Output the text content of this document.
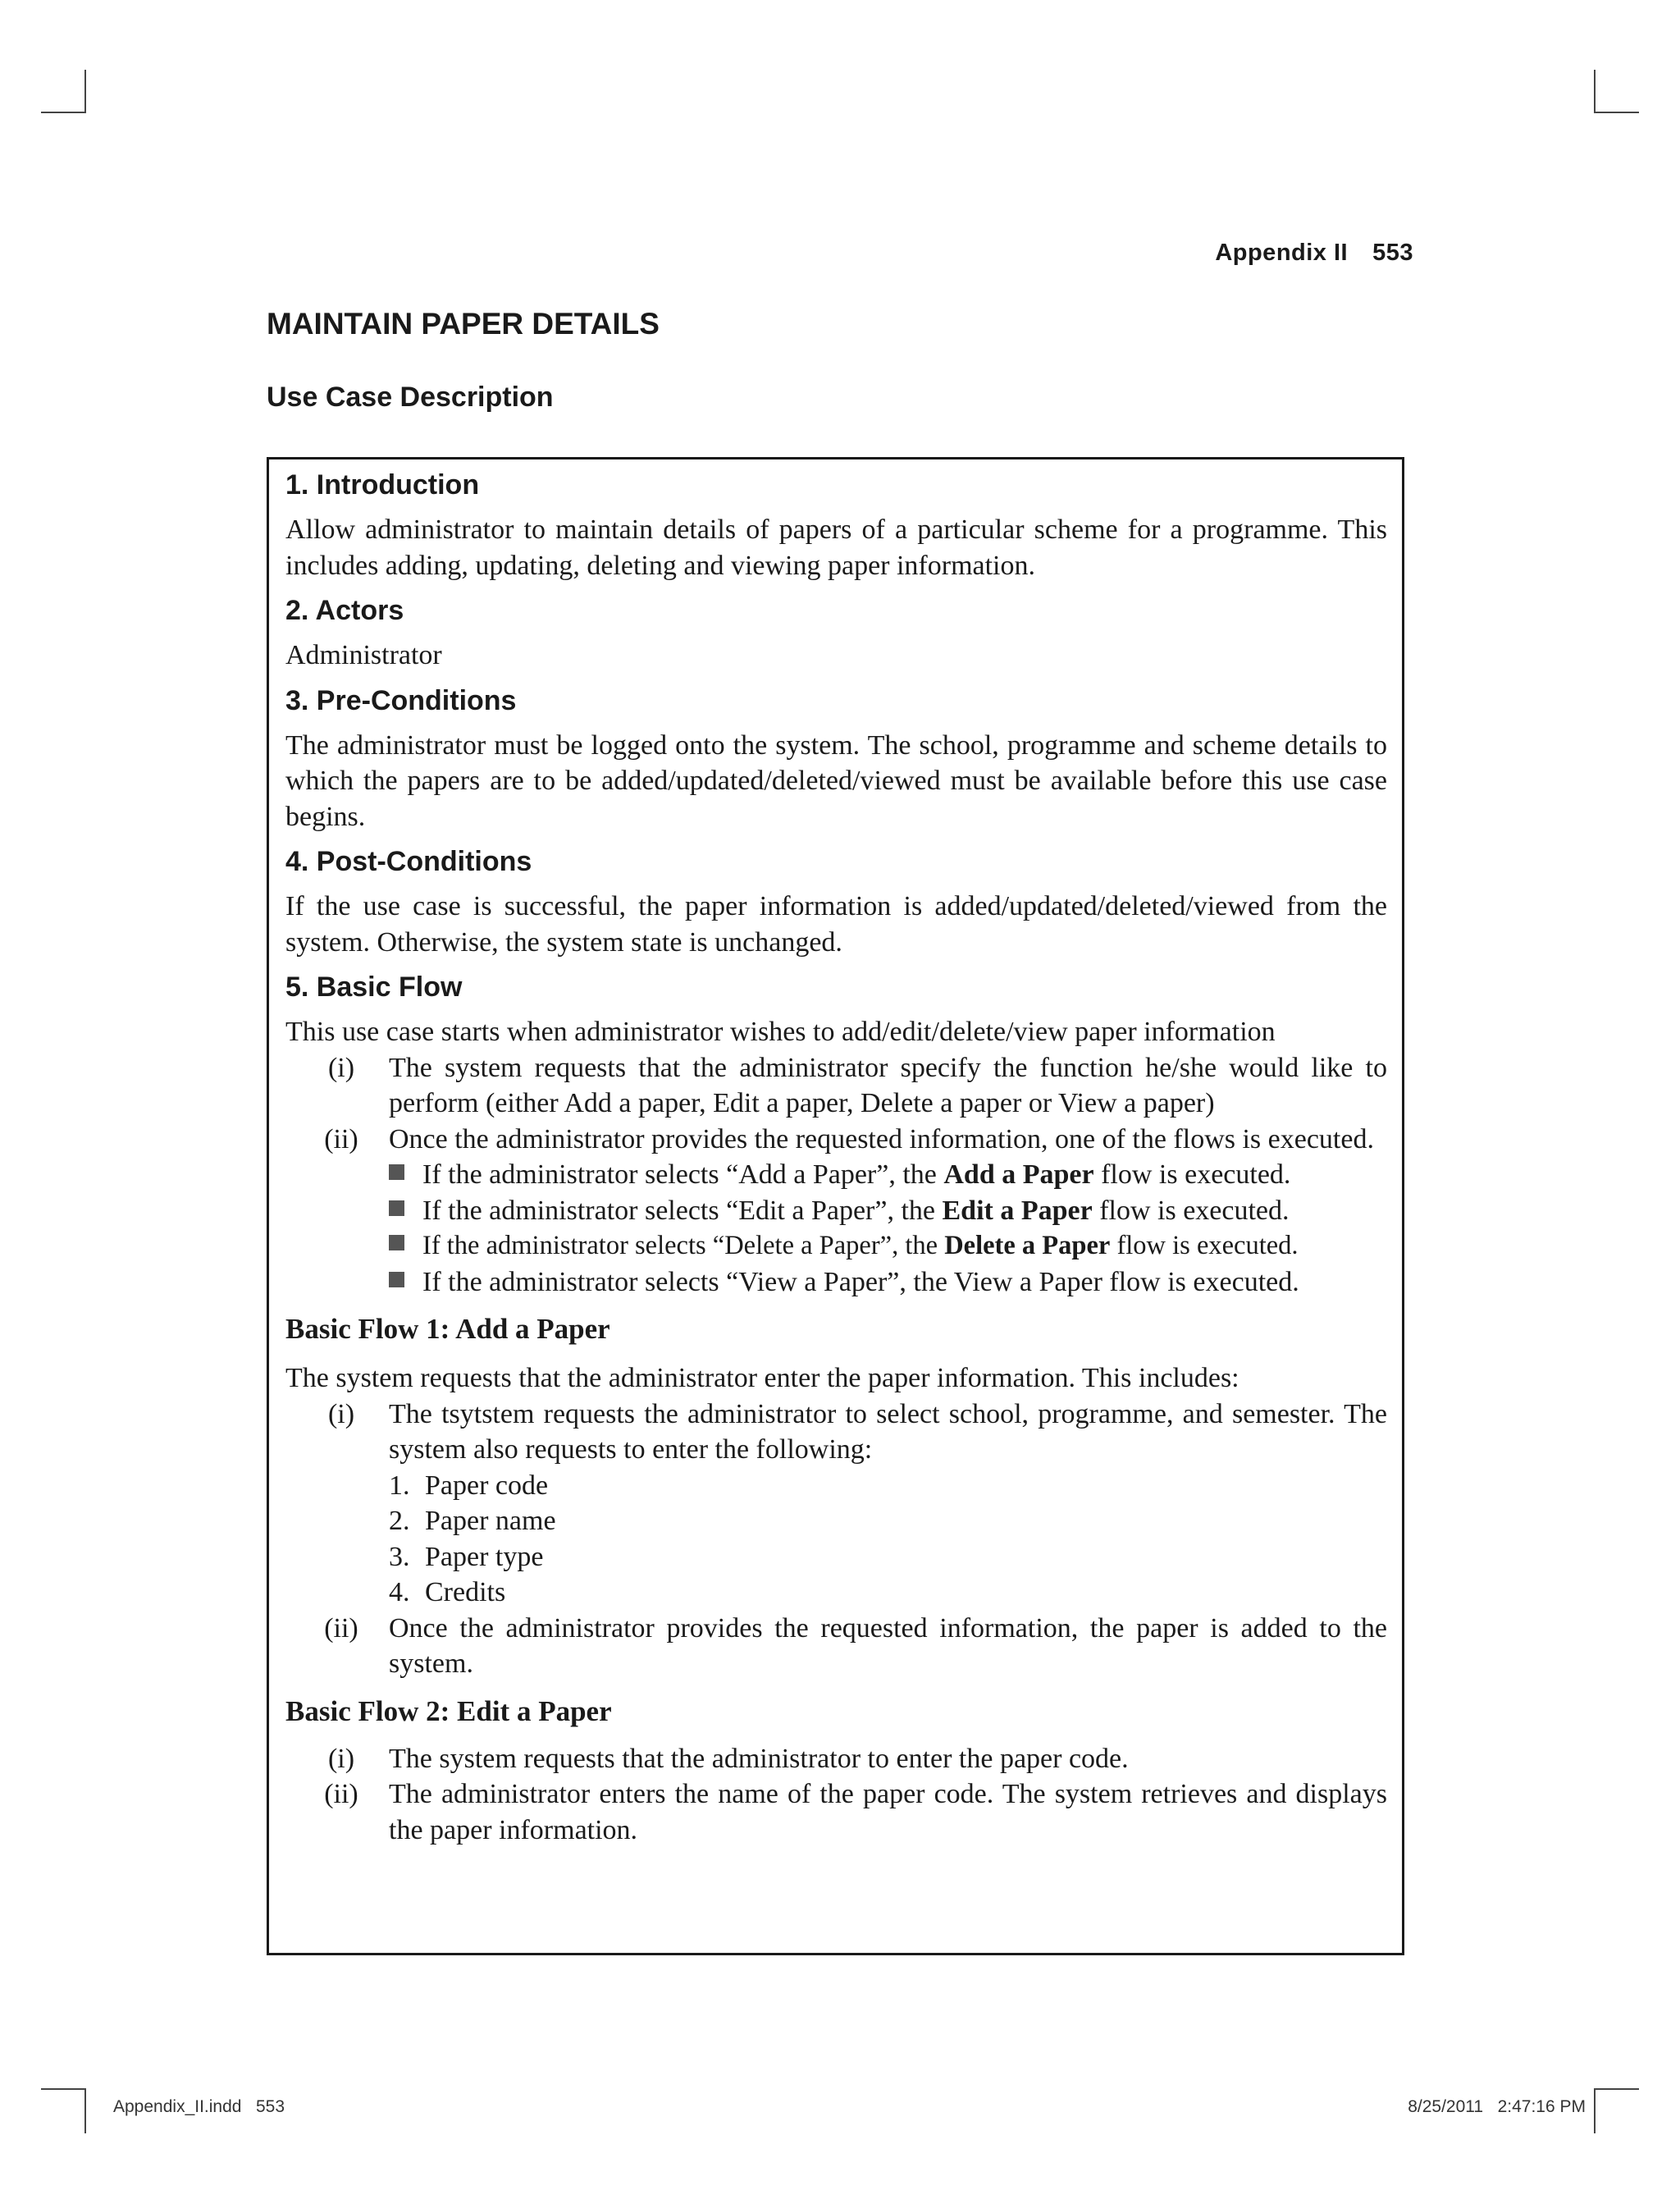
Appendix II 553
MAINTAIN PAPER DETAILS
Use Case Description
1. Introduction

Allow administrator to maintain details of papers of a particular scheme for a programme. This includes adding, updating, deleting and viewing paper information.

2. Actors

Administrator

3. Pre-Conditions

The administrator must be logged onto the system. The school, programme and scheme details to which the papers are to be added/updated/deleted/viewed must be available before this use case begins.

4. Post-Conditions

If the use case is successful, the paper information is added/updated/deleted/viewed from the system. Otherwise, the system state is unchanged.

5. Basic Flow

This use case starts when administrator wishes to add/edit/delete/view paper information

(i)	The system requests that the administrator specify the function he/she would like to perform (either Add a paper, Edit a paper, Delete a paper or View a paper)
(ii)	Once the administrator provides the requested information, one of the flows is executed.
If the administrator selects “Add a Paper”, the Add a Paper flow is executed.
If the administrator selects “Edit a Paper”, the Edit a Paper flow is executed.
If the administrator selects “Delete a Paper”, the Delete a Paper flow is executed.
If the administrator selects “View a Paper”, the View a Paper flow is executed.
Basic Flow 1: Add a Paper

The system requests that the administrator enter the paper information. This includes:

(i)	The tsytstem requests the administrator to select school, programme, and semester. The system also requests to enter the following:
1. Paper code
2. Paper name
3. Paper type
4. Credits
(ii)	Once the administrator provides the requested information, the paper is added to the system.
Basic Flow 2: Edit a Paper
(i)	The system requests that the administrator to enter the paper code.
(ii)	The administrator enters the name of the paper code. The system retrieves and displays the paper information.
Appendix_II.indd   553	8/25/2011   2:47:16 PM
